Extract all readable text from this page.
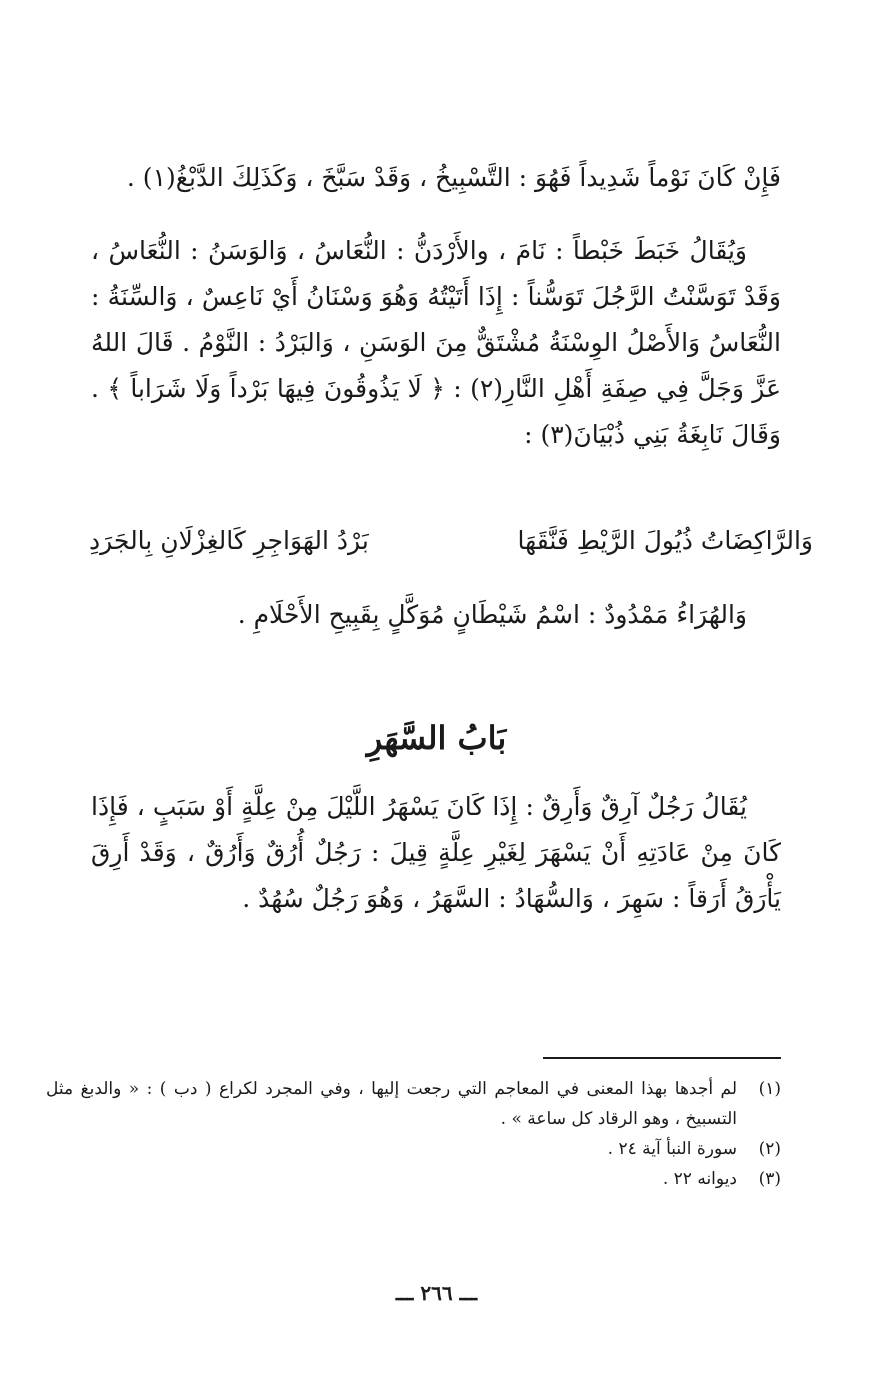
فَإِنْ كَانَ نَوْماً شَدِيداً فَهُوَ : التَّسْبِيخُ ، وَقَدْ سَبَّخَ ، وَكَذَلِكَ الدَّبْغُ(١) .
وَيُقَالُ خَبَطَ خَبْطاً : نَامَ ، والأَرْدَنُّ : النُّعَاسُ ، وَالوَسَنُ : النُّعَاسُ ، وَقَدْ تَوَسَّنْتُ الرَّجُلَ تَوَسُّناً : إِذَا أَتَيْتُهُ وَهُوَ وَسْنَانُ أَيْ نَاعِسٌ ، وَالسِّنَةُ : النُّعَاسُ وَالأَصْلُ الوِسْنَةُ مُشْتَقٌّ مِنَ الوَسَنِ ، وَالبَرْدُ : النَّوْمُ . قَالَ اللهُ عَزَّ وَجَلَّ فِي صِفَةِ أَهْلِ النَّارِ(٢) : ﴿ لَا يَذُوقُونَ فِيهَا بَرْداً وَلَا شَرَاباً ﴾ . وَقَالَ نَابِغَةُ بَنِي ذُبْيَانَ(٣) :
وَالرَّاكِضَاتُ ذُيُولَ الرَّيْطِ فَنَّقَهَا
بَرْدُ الهَوَاجِرِ كَالغِزْلَانِ بِالجَرَدِ
وَالهُرَاءُ مَمْدُودٌ : اسْمُ شَيْطَانٍ مُوَكَّلٍ بِقَبِيحِ الأَحْلَامِ .
بَابُ السَّهَرِ
يُقَالُ رَجُلٌ آرِقٌ وَأَرِقٌ : إِذَا كَانَ يَسْهَرُ اللَّيْلَ مِنْ عِلَّةٍ أَوْ سَبَبٍ ، فَإِذَا كَانَ مِنْ عَادَتِهِ أَنْ يَسْهَرَ لِغَيْرِ عِلَّةٍ قِيلَ : رَجُلٌ أُرُقٌ وَأَرُقٌ ، وَقَدْ أَرِقَ يَأْرَقُ أَرَقاً : سَهِرَ ، وَالسُّهَادُ : السَّهَرُ ، وَهُوَ رَجُلٌ سُهُدٌ .
(١)
لم أجدها بهذا المعنى في المعاجم التي رجعت إليها ، وفي المجرد لكراع ( دب ) : « والدبغ مثل التسبيخ ، وهو الرقاد كل ساعة » .
(٢)
سورة النبأ آية ٢٤ .
(٣)
ديوانه ٢٢ .
ـــ ٢٦٦ ـــ
